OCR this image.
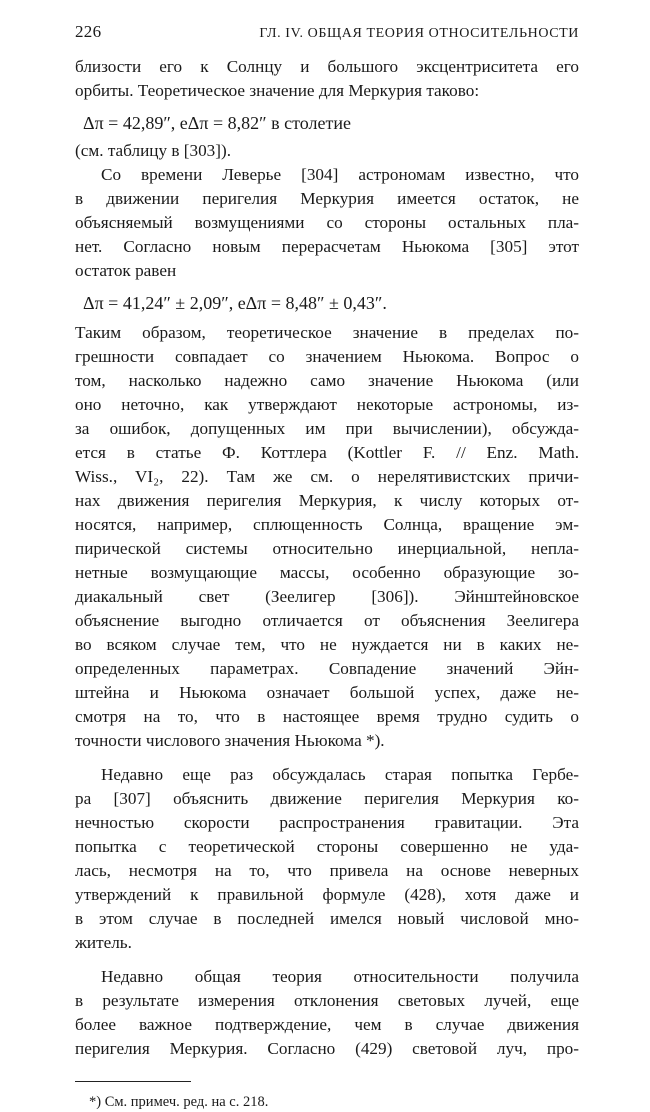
226	ГЛ. IV. ОБЩАЯ ТЕОРИЯ ОТНОСИТЕЛЬНОСТИ
близости его к Солнцу и большого эксцентриситета его
орбиты. Теоретическое значение для Меркурия таково:
Δπ = 42,89″, eΔπ = 8,82″ в столетие
(см. таблицу в [303]).
Со времени Леверье [304] астрономам известно, что
в движении перигелия Меркурия имеется остаток, не
объясняемый возмущениями со стороны остальных пла-
нет. Согласно новым перерасчетам Ньюкома [305] этот
остаток равен
Δπ = 41,24″ ± 2,09″, eΔπ = 8,48″ ± 0,43″.
Таким образом, теоретическое значение в пределах по-
грешности совпадает со значением Ньюкома. Вопрос о
том, насколько надежно само значение Ньюкома (или
оно неточно, как утверждают некоторые астрономы, из-
за ошибок, допущенных им при вычислении), обсужда-
ется в статье Ф. Коттлера (Kottler F. // Enz. Math.
Wiss., VI₂, 22). Там же см. о нерелятивистских причи-
нах движения перигелия Меркурия, к числу которых от-
носятся, например, сплющенность Солнца, вращение эм-
пирической системы относительно инерциальной, непла-
нетные возмущающие массы, особенно образующие зо-
диакальный свет (Зеелигер [306]). Эйнштейновское
объяснение выгодно отличается от объяснения Зеелигера
во всяком случае тем, что не нуждается ни в каких не-
определенных параметрах. Совпадение значений Эйн-
штейна и Ньюкома означает большой успех, даже не-
смотря на то, что в настоящее время трудно судить о
точности числового значения Ньюкома *).
Недавно еще раз обсуждалась старая попытка Гербе-
ра [307] объяснить движение перигелия Меркурия ко-
нечностью скорости распространения гравитации. Эта
попытка с теоретической стороны совершенно не уда-
лась, несмотря на то, что привела на основе неверных
утверждений к правильной формуле (428), хотя даже и
в этом случае в последней имелся новый числовой мно-
житель.
Недавно общая теория относительности получила
в результате измерения отклонения световых лучей, еще
более важное подтверждение, чем в случае движения
перигелия Меркурия. Согласно (429) световой луч, про-
*) См. примеч. ред. на с. 218.
